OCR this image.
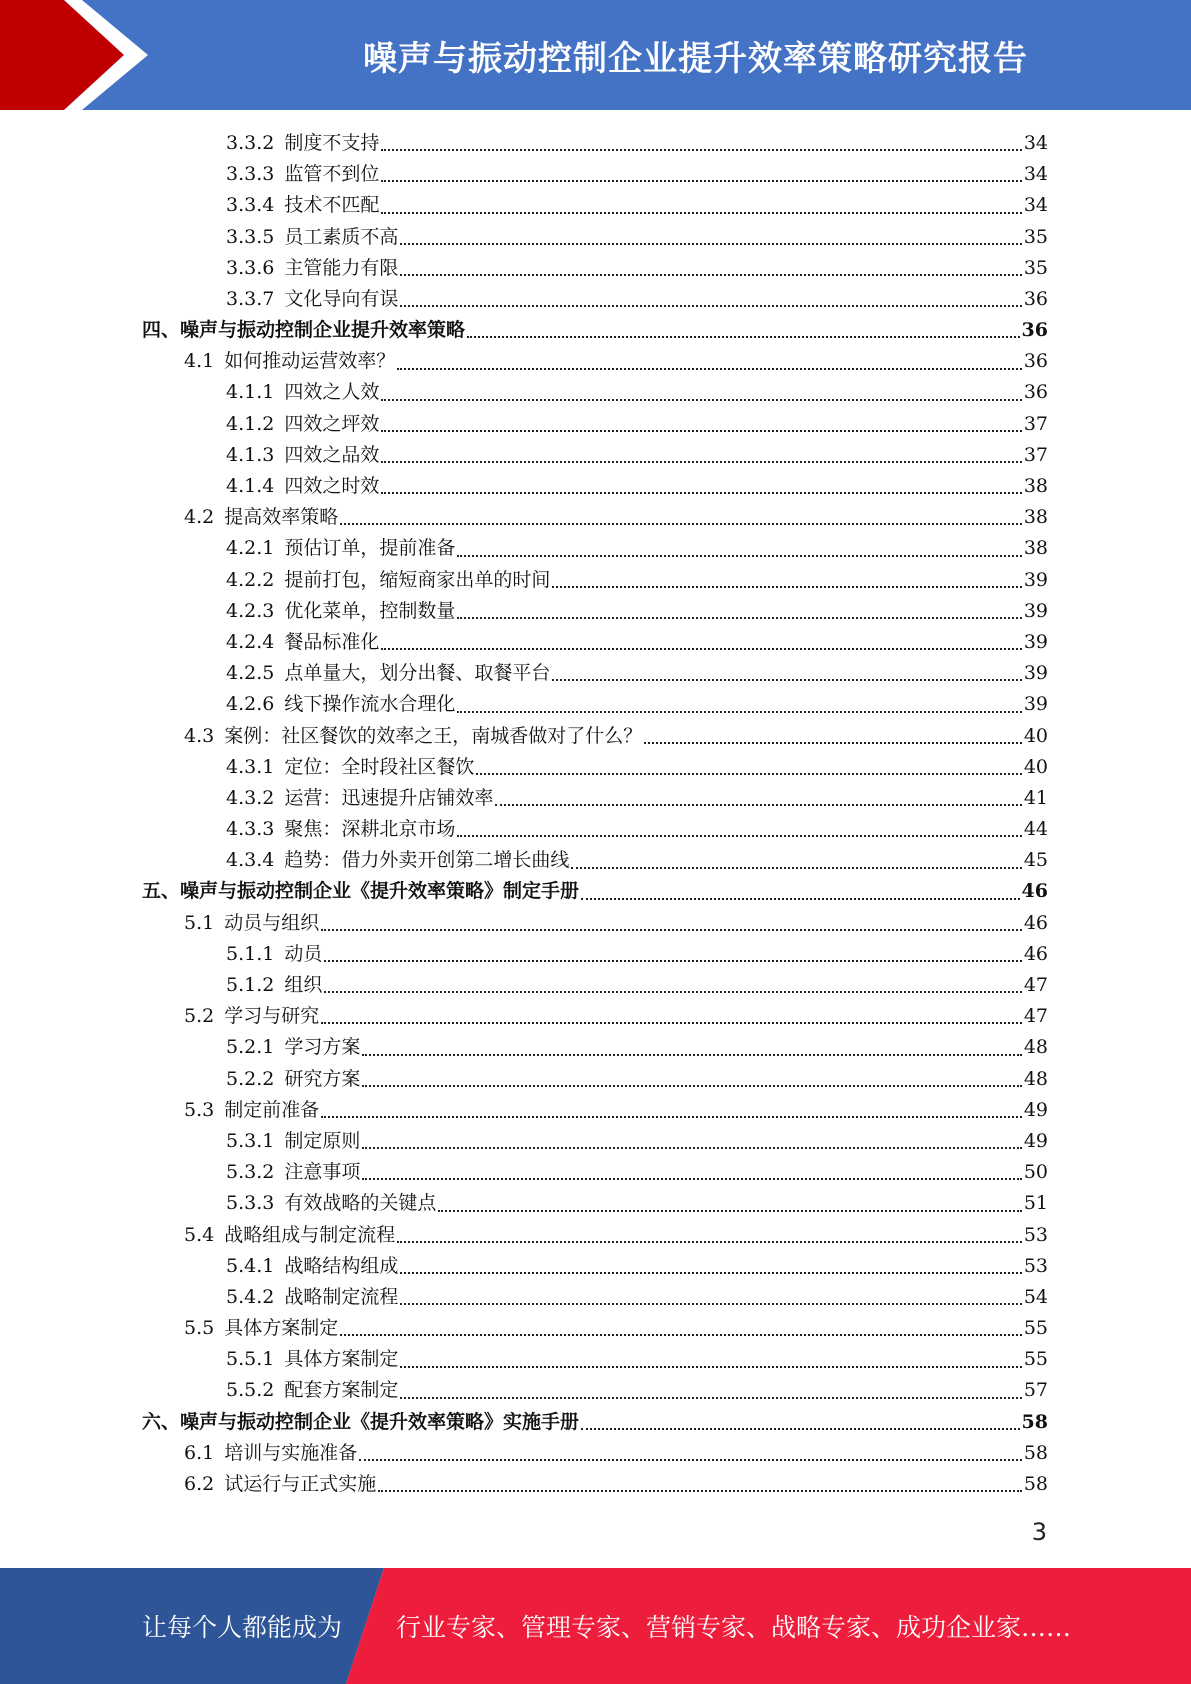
噪声与振动控制企业提升效率策略研究报告
3.3.2 制度不支持	34
3.3.3 监管不到位	34
3.3.4 技术不匹配	34
3.3.5 员工素质不高	35
3.3.6 主管能力有限	35
3.3.7 文化导向有误	36
四、噪声与振动控制企业提升效率策略	36
4.1 如何推动运营效率？	36
4.1.1 四效之人效	36
4.1.2 四效之坪效	37
4.1.3 四效之品效	37
4.1.4 四效之时效	38
4.2 提高效率策略	38
4.2.1 预估订单，提前准备	38
4.2.2 提前打包，缩短商家出单的时间	39
4.2.3 优化菜单，控制数量	39
4.2.4 餐品标准化	39
4.2.5 点单量大，划分出餐、取餐平台	39
4.2.6 线下操作流水合理化	39
4.3 案例：社区餐饮的效率之王，南城香做对了什么？	40
4.3.1 定位：全时段社区餐饮	40
4.3.2 运营：迅速提升店铺效率	41
4.3.3 聚焦：深耕北京市场	44
4.3.4 趋势：借力外卖开创第二增长曲线	45
五、噪声与振动控制企业《提升效率策略》制定手册	46
5.1 动员与组织	46
5.1.1 动员	46
5.1.2 组织	47
5.2 学习与研究	47
5.2.1 学习方案	48
5.2.2 研究方案	48
5.3 制定前准备	49
5.3.1 制定原则	49
5.3.2 注意事项	50
5.3.3 有效战略的关键点	51
5.4 战略组成与制定流程	53
5.4.1 战略结构组成	53
5.4.2 战略制定流程	54
5.5 具体方案制定	55
5.5.1 具体方案制定	55
5.5.2 配套方案制定	57
六、噪声与振动控制企业《提升效率策略》实施手册	58
6.1 培训与实施准备	58
6.2 试运行与正式实施	58
3
让每个人都能成为 行业专家、管理专家、营销专家、战略专家、成功企业家……
